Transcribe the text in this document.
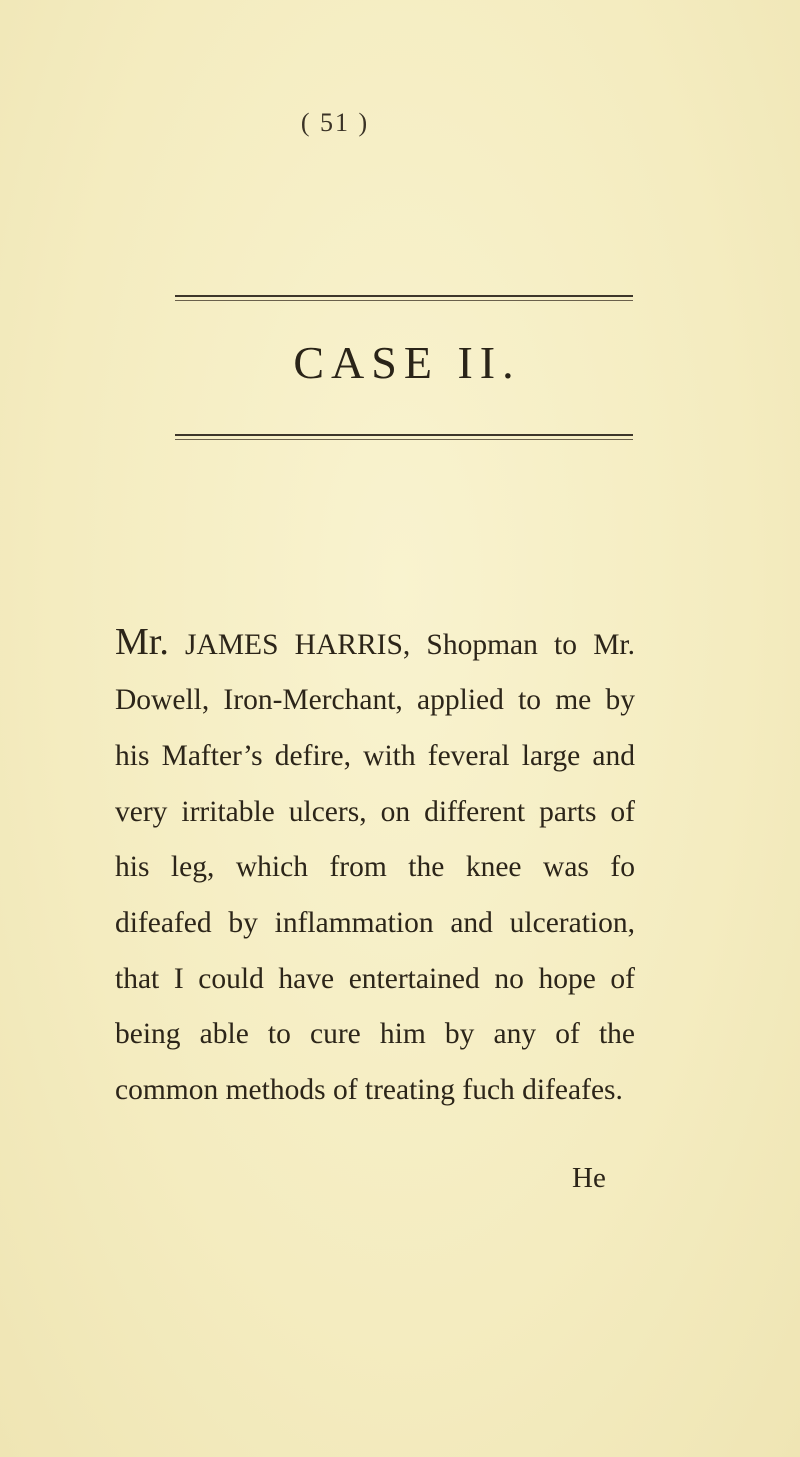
( 51 )
CASE II.

Mr. JAMES HARRIS, Shopman to Mr. Dowell, Iron-Merchant, applied to me by his Mafter’s defire, with feveral large and very irritable ulcers, on different parts of his leg, which from the knee was fo difeafed by inflammation and ulceration, that I could have entertained no hope of being able to cure him by any of the common methods of treating fuch difeafes.

He
